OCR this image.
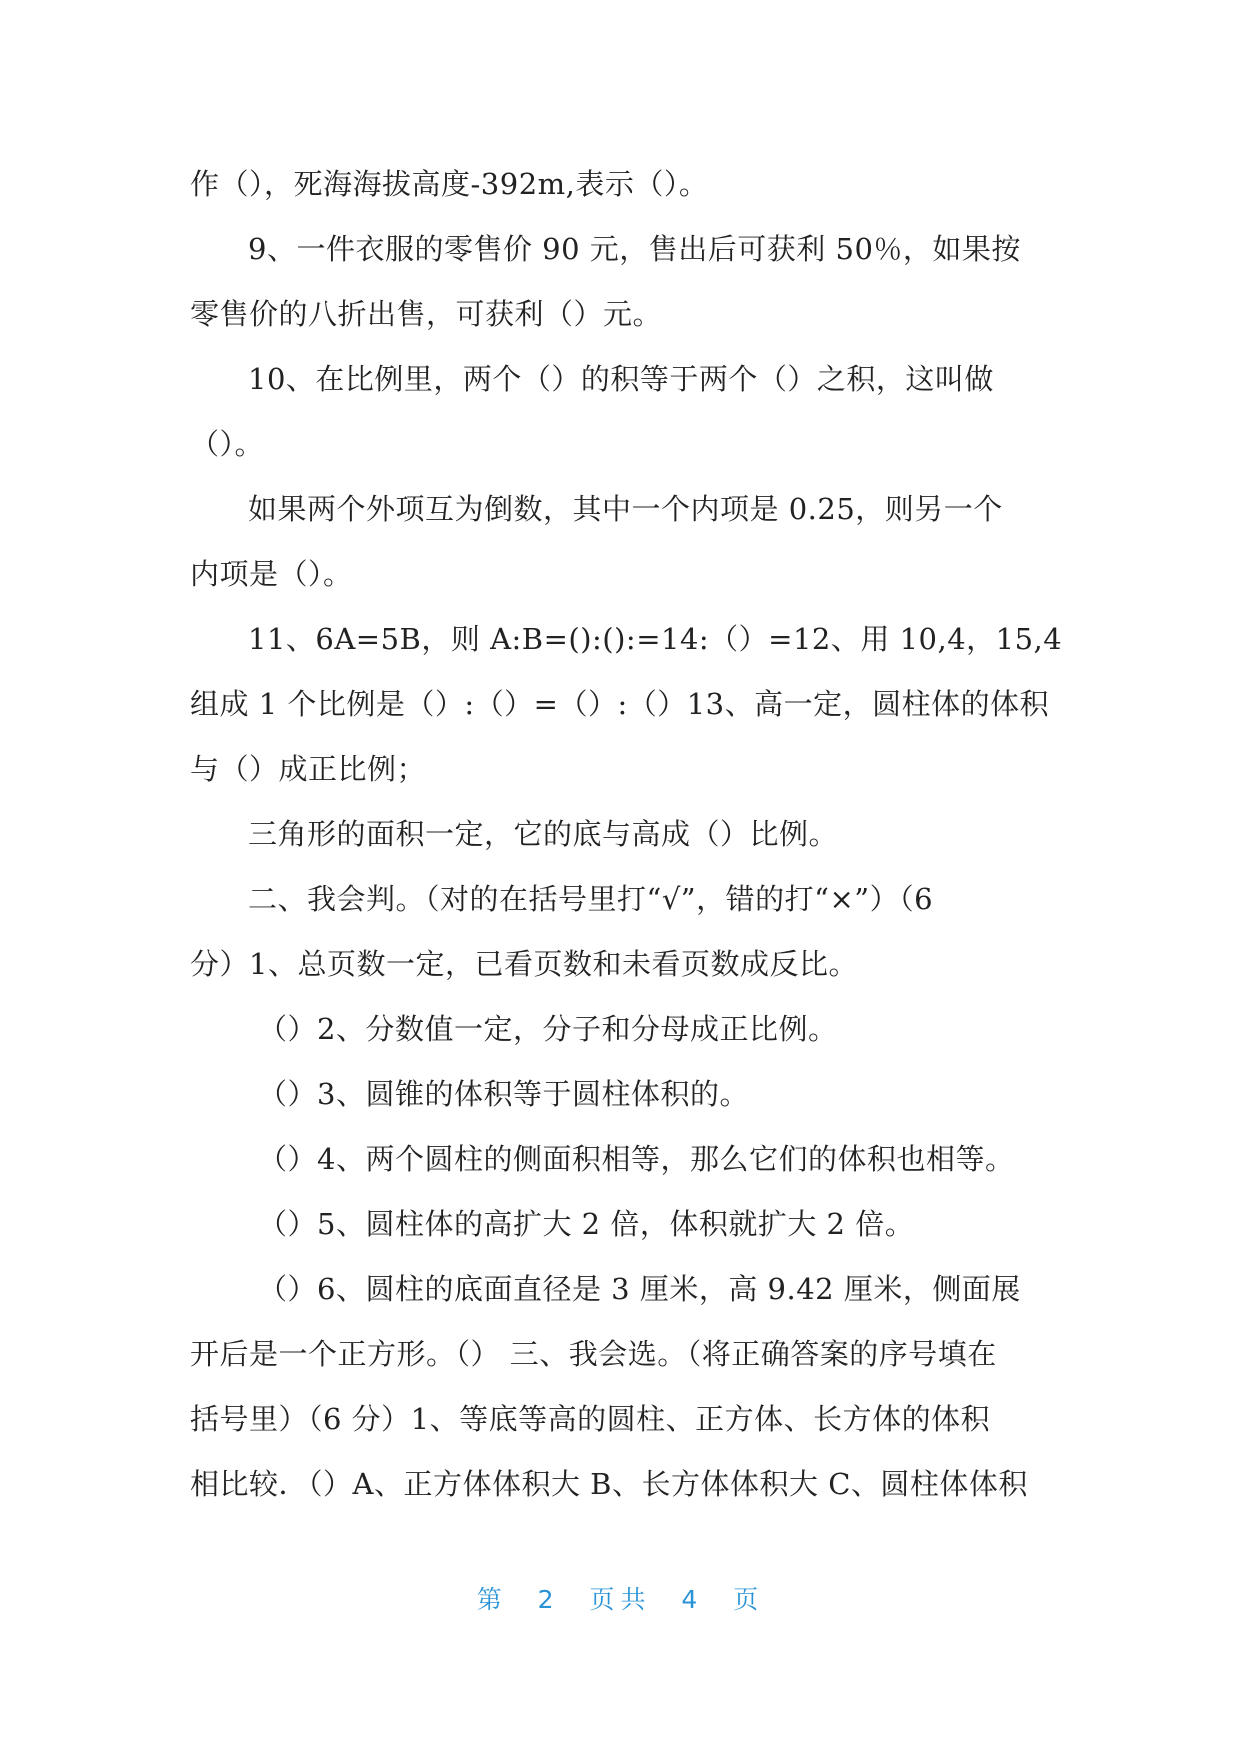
作（），死海海拔高度-392m,表示（）。
9、一件衣服的零售价 90 元，售出后可获利 50％，如果按
零售价的八折出售，可获利（）元。
10、在比例里，两个（）的积等于两个（）之积，这叫做
（）。
如果两个外项互为倒数，其中一个内项是 0.25，则另一个
内项是（）。
11、6A=5B，则 A:B=():():=14:（）=12、用 10,4，15,4
组成 1 个比例是（）:（）=（）:（）13、高一定，圆柱体的体积
与（）成正比例；
三角形的面积一定，它的底与高成（）比例。
二、我会判。（对的在括号里打“√”，错的打“×”）（6
分）1、总页数一定，已看页数和未看页数成反比。
（）2、分数值一定，分子和分母成正比例。
（）3、圆锥的体积等于圆柱体积的。
（）4、两个圆柱的侧面积相等，那么它们的体积也相等。
（）5、圆柱体的高扩大 2 倍，体积就扩大 2 倍。
（）6、圆柱的底面直径是 3 厘米，高 9.42 厘米，侧面展
开后是一个正方形。（） 三、我会选。（将正确答案的序号填在
括号里）（6 分）1、等底等高的圆柱、正方体、长方体的体积
相比较．（）A、正方体体积大 B、长方体体积大 C、圆柱体体积
第 2 页共 4 页
